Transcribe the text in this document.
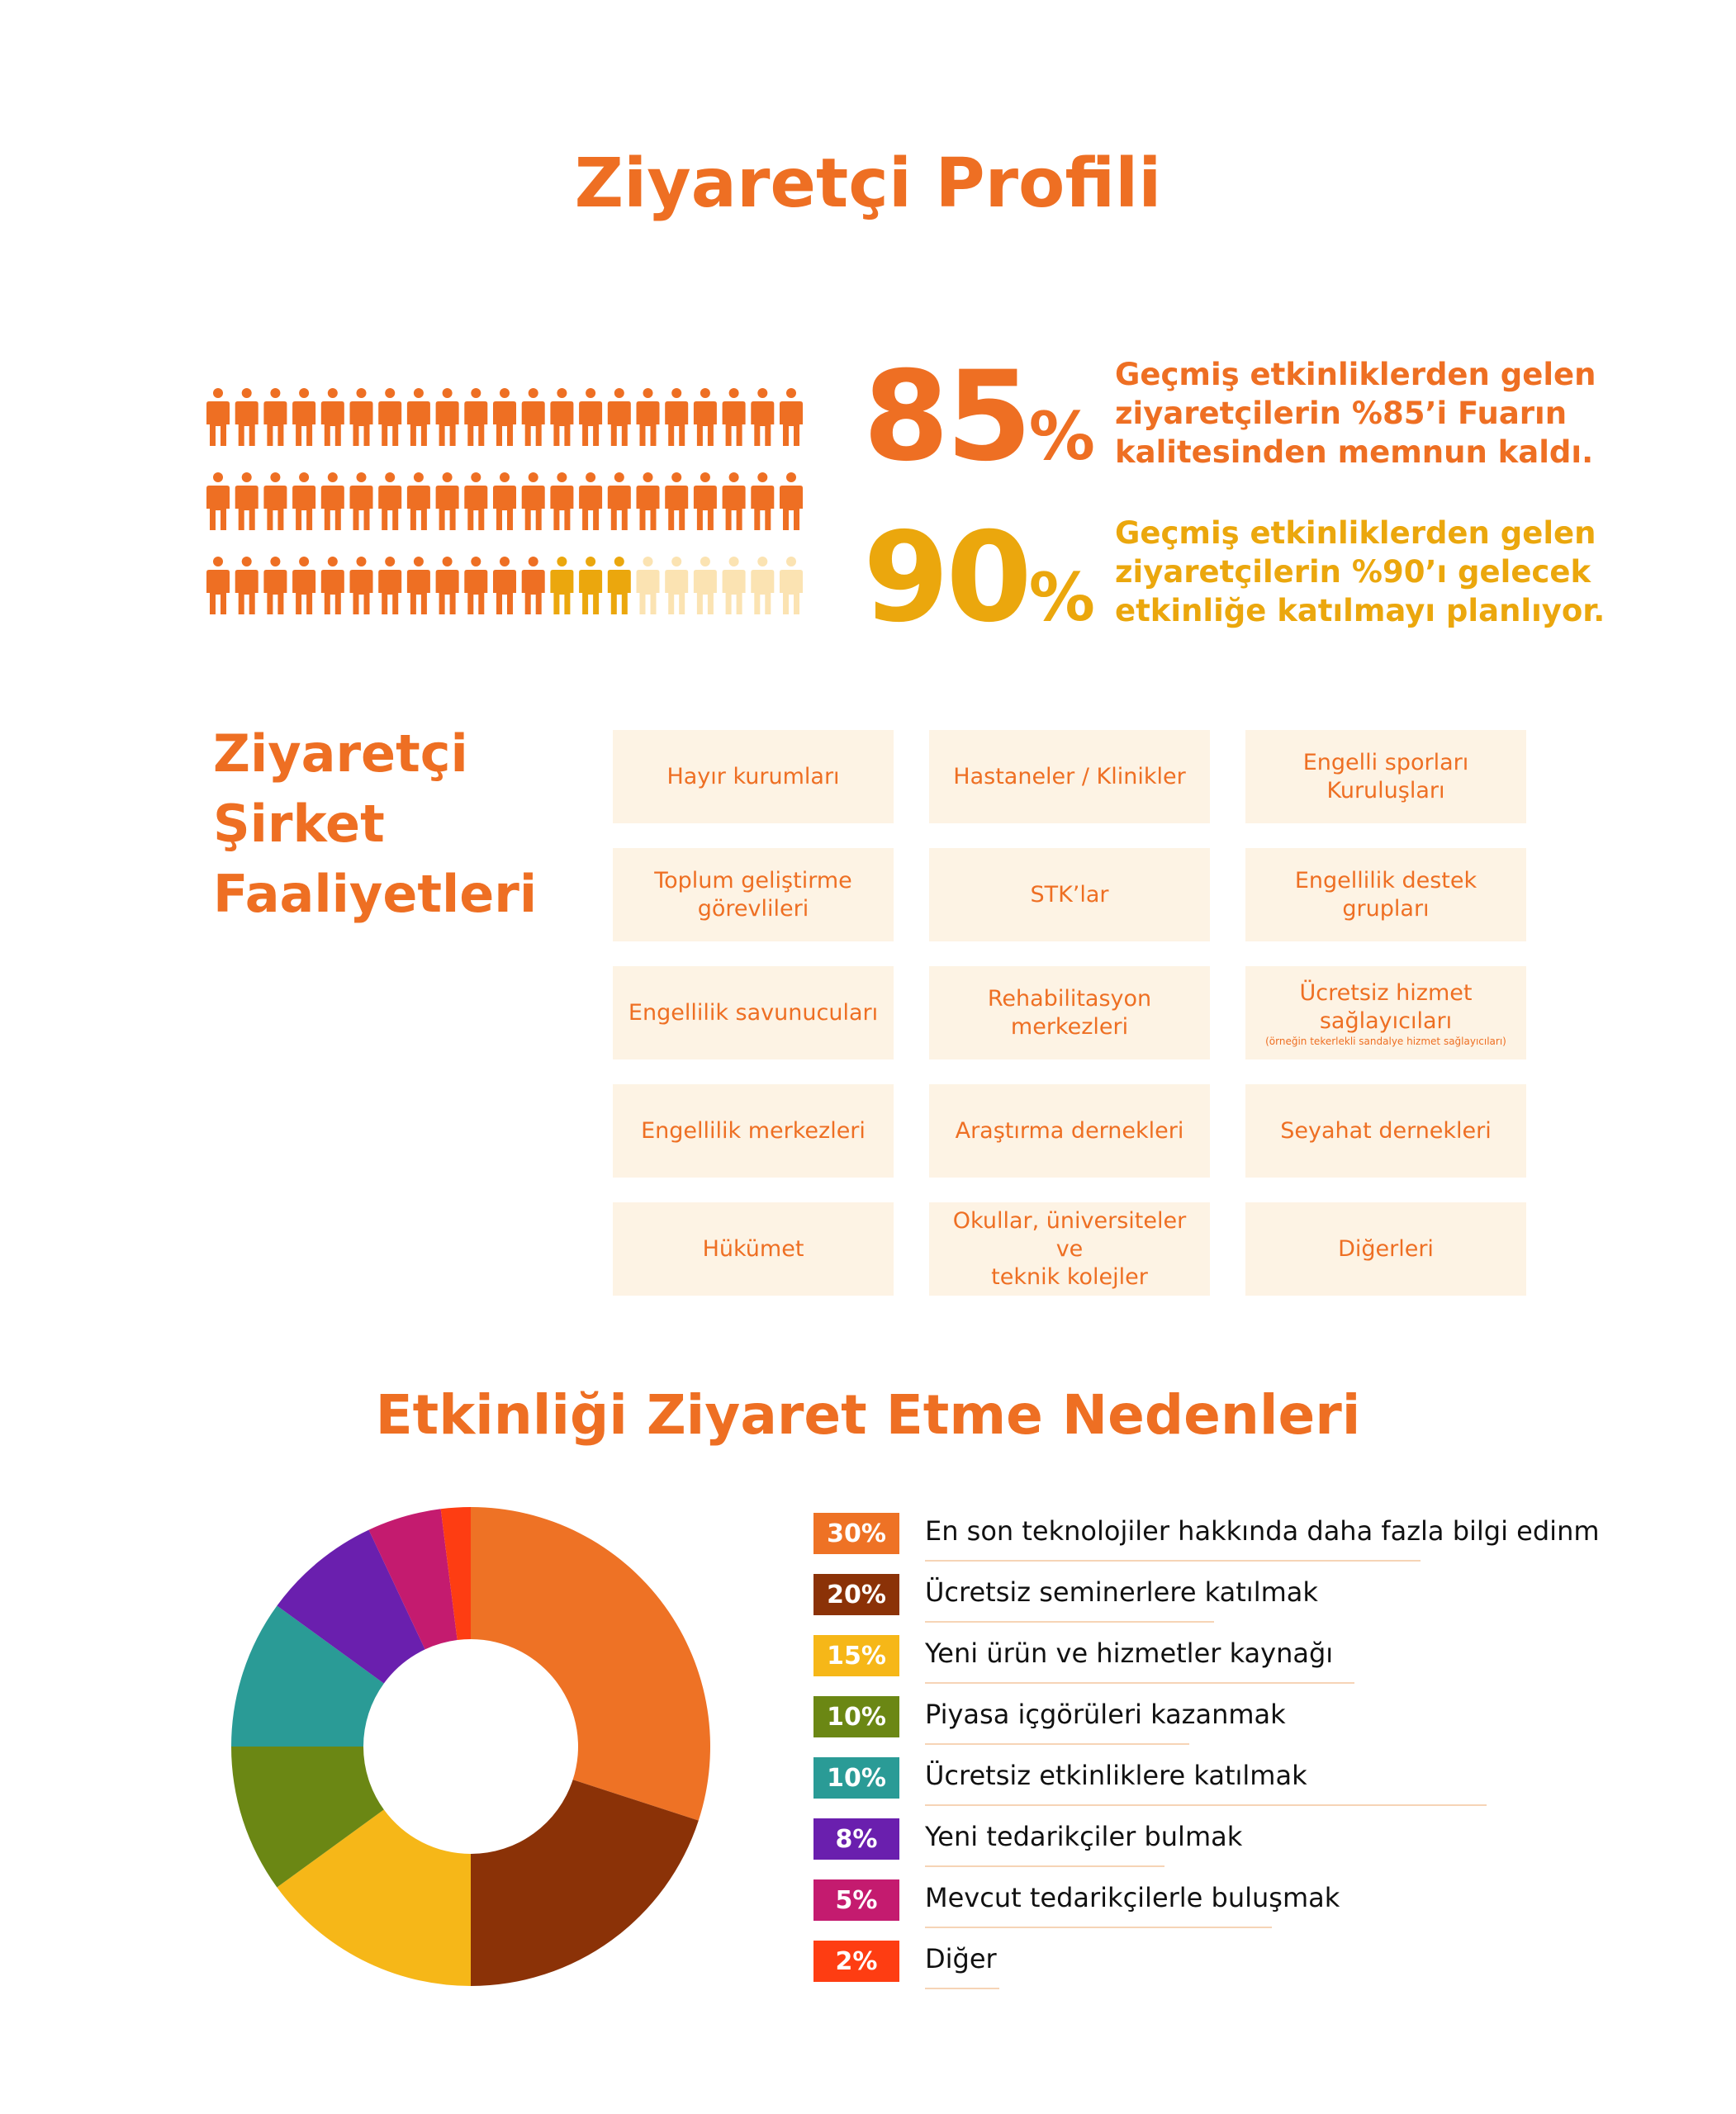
Ziyaretçi Profili
85%
Geçmiş etkinliklerden gelen
ziyaretçilerin %85’i Fuarın
kalitesinden memnun kaldı.
90%
Geçmiş etkinliklerden gelen
ziyaretçilerin %90’ı gelecek
etkinliğe katılmayı planlıyor.
Ziyaretçi
Şirket
Faaliyetleri
Hayır kurumları	Hastaneler / Klinikler
Engelli sporları
Kuruluşları
Toplum geliştirme
görevlileri
STK’lar
Engellilik destek
grupları
Engellilik savunucuları
Rehabilitasyon merkezleri
Ücretsiz hizmet sağlayıcıları
(örneğin tekerlekli sandalye hizmet sağlayıcıları)
Engellilik merkezleri	Araştırma dernekleri	Seyahat dernekleri
Hükümet
Okullar, üniversiteler ve
teknik kolejler
Diğerleri
Etkinliği Ziyaret Etme Nedenleri
30%	En son teknolojiler hakkında daha fazla bilgi edinm
20%	Ücretsiz seminerlere katılmak
15%	Yeni ürün ve hizmetler kaynağı
10%	Piyasa içgörüleri kazanmak
10%	Ücretsiz etkinliklere katılmak
8%	Yeni tedarikçiler bulmak
5%	Mevcut tedarikçilerle buluşmak
2%	Diğer
